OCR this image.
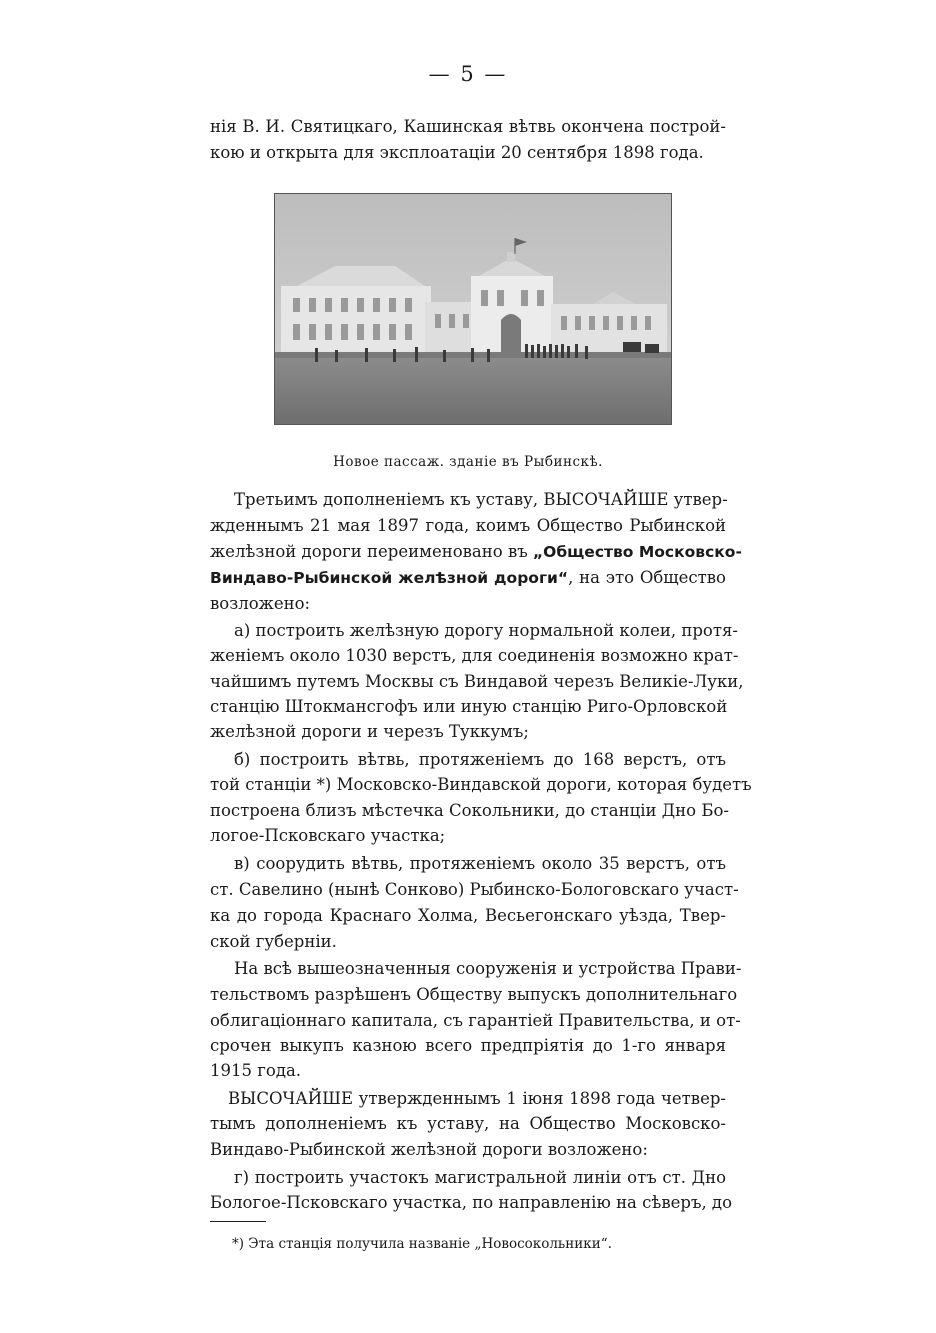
— 5 —
нія В. И. Святицкаго, Кашинская вѣтвь окончена построй-
кою и открыта для эксплоатаціи 20 сентября 1898 года.
Новое пассаж. зданіе въ Рыбинскѣ.
Третьимъ дополненіемъ къ уставу, ВЫСОЧАЙШЕ утвер-
жденнымъ 21 мая 1897 года, коимъ Общество Рыбинской
желѣзной дороги переименовано въ „Общество Московско-
Виндаво-Рыбинской желѣзной дороги“, на это Общество
возложено:
а) построить желѣзную дорогу нормальной колеи, протя-
женіемъ около 1030 верстъ, для соединенія возможно крат-
чайшимъ путемъ Москвы съ Виндавой черезъ Великіе-Луки,
станцію Штокмансгофъ или иную станцію Риго-Орловской
желѣзной дороги и черезъ Туккумъ;
б) построить вѣтвь, протяженіемъ до 168 верстъ, отъ
той станціи *) Московско-Виндавской дороги, которая будетъ
построена близъ мѣстечка Сокольники, до станціи Дно Бо-
логое-Псковскаго участка;
в) соорудить вѣтвь, протяженіемъ около 35 верстъ, отъ
ст. Савелино (нынѣ Сонково) Рыбинско-Бологовскаго участ-
ка до города Краснаго Холма, Весьегонскаго уѣзда, Твер-
ской губерніи.
На всѣ вышеозначенныя сооруженія и устройства Прави-
тельствомъ разрѣшенъ Обществу выпускъ дополнительнаго
облигаціоннаго капитала, съ гарантіей Правительства, и от-
срочен выкупъ казною всего предпріятія до 1-го января
1915 года.
ВЫСОЧАЙШЕ утвержденнымъ 1 іюня 1898 года четвер-
тымъ дополненіемъ къ уставу, на Общество Московско-
Виндаво-Рыбинской желѣзной дороги возложено:
г) построить участокъ магистральной линіи отъ ст. Дно
Бологое-Псковскаго участка, по направленію на сѣверъ, до
*) Эта станція получила названіе „Новосокольники“.
